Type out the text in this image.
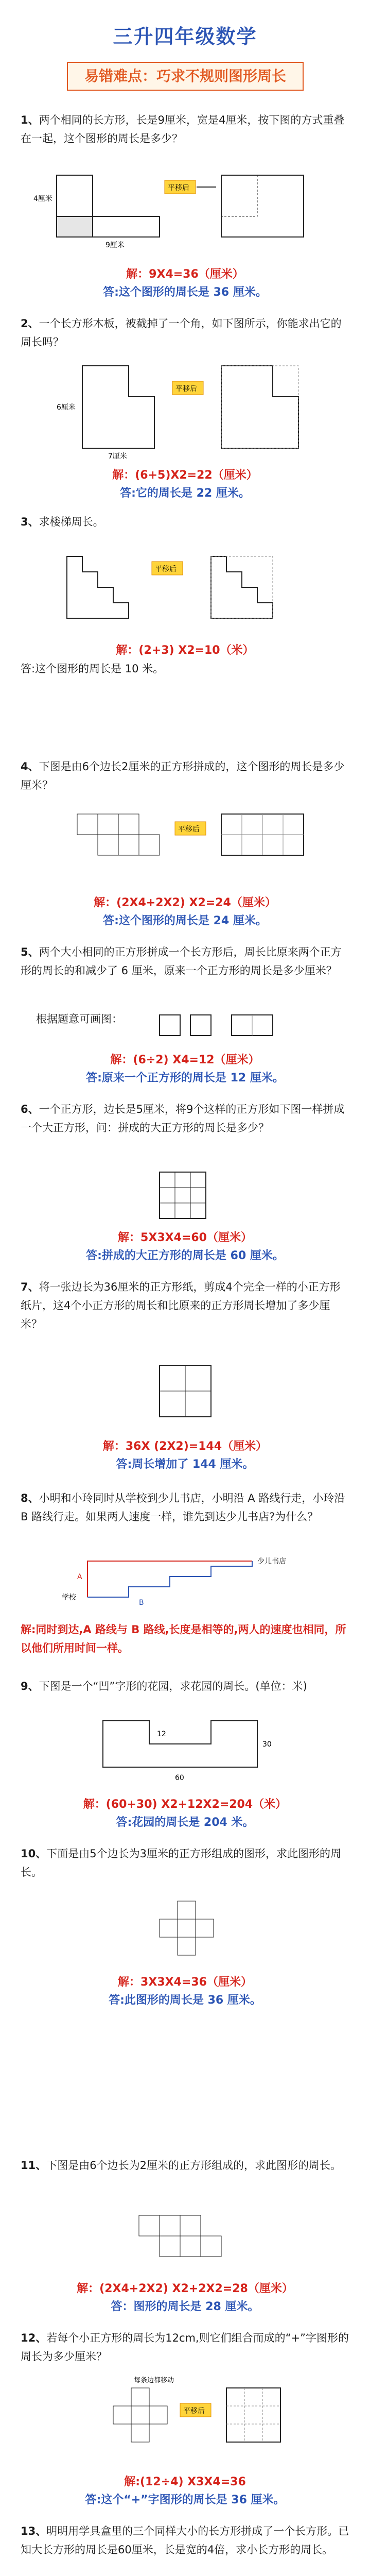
三升四年级数学
易错难点：巧求不规则图形周长
1、两个相同的长方形，长是9厘米，宽是4厘米，按下图的方式重叠在一起，这个图形的周长是多少？
9厘米
4厘米
平移后
解：9X4=36（厘米）
答:这个图形的周长是 36 厘米。
2、一个长方形木板，被截掉了一个角，如下图所示，你能求出它的周长吗？
6厘米
7厘米
平移后
解：(6+5)X2=22（厘米）
答:它的周长是 22 厘米。
3、求楼梯周长。
平移后
解：(2+3) X2=10（米）
答:这个图形的周长是 10 米。
4、下图是由6个边长2厘米的正方形拼成的，这个图形的周长是多少厘米？
平移后
解：(2X4+2X2) X2=24（厘米）
答:这个图形的周长是 24 厘米。
5、两个大小相同的正方形拼成一个长方形后，周长比原来两个正方形的周长的和减少了 6 厘米，原来一个正方形的周长是多少厘米？
根据题意可画图：
解：(6÷2) X4=12（厘米）
答:原来一个正方形的周长是 12 厘米。
6、一个正方形，边长是5厘米，将9个这样的正方形如下图一样拼成一个大正方形，问：拼成的大正方形的周长是多少？
解：5X3X4=60（厘米）
答:拼成的大正方形的周长是 60 厘米。
7、将一张边长为36厘米的正方形纸，剪成4个完全一样的小正方形纸片，这4个小正方形的周长和比原来的正方形周长增加了多少厘米？
解：36X (2X2)=144（厘米）
答:周长增加了 144 厘米。
8、小明和小玲同时从学校到少儿书店，小明沿 A 路线行走，小玲沿 B 路线行走。如果两人速度一样，谁先到达少儿书店?为什么？
学校
少儿书店
A
B
解:同时到达,A 路线与 B 路线,长度是相等的,两人的速度也相同，所以他们所用时间一样。
9、下图是一个“凹”字形的花园，求花园的周长。(单位：米)
60
30
12
解：(60+30) X2+12X2=204（米）
答:花园的周长是 204 米。
10、下面是由5个边长为3厘米的正方形组成的图形，求此图形的周长。
解：3X3X4=36（厘米）
答:此图形的周长是 36 厘米。
11、下图是由6个边长为2厘米的正方形组成的，求此图形的周长。
解：(2X4+2X2) X2+2X2=28（厘米）
答：图形的周长是 28 厘米。
12、若每个小正方形的周长为12cm,则它们组合而成的“+”字图形的周长为多少厘米？
每条边都移动
平移后
解:(12÷4) X3X4=36
答:这个“+”字图形的周长是 36 厘米。
13、明明用学具盒里的三个同样大小的长方形拼成了一个长方形。已知大长方形的周长是60厘米，长是宽的4倍，求小长方形的周长。
